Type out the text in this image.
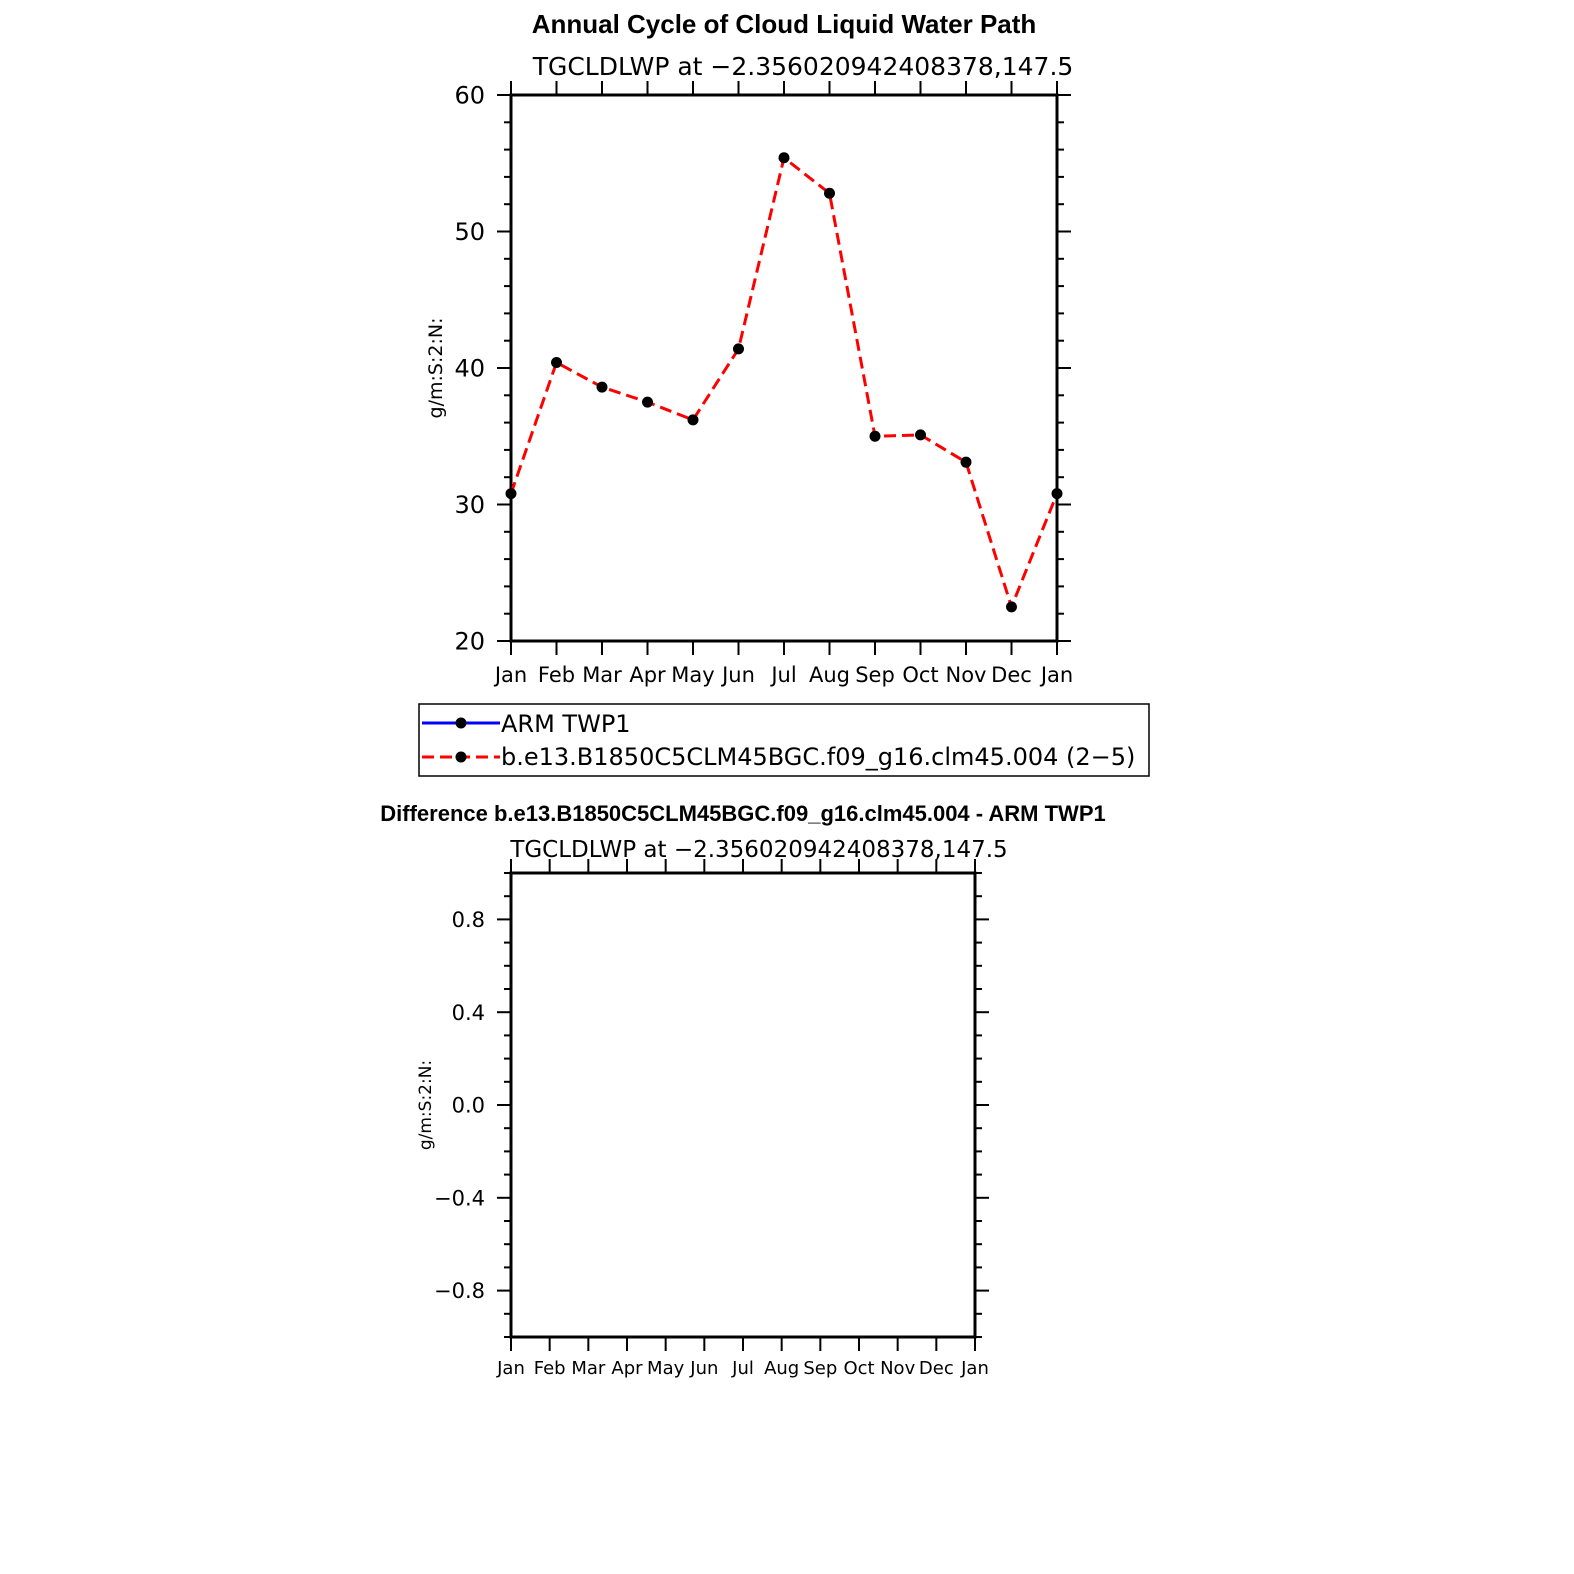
Annual Cycle of Cloud Liquid Water Path
TGCLDLWP at −2.356020942408378,147.5
g/m:S:2:N:
20
30
40
50
60
Jan Feb Mar Apr May Jun Jul Aug Sep Oct Nov Dec Jan
ARM TWP1
b.e13.B1850C5CLM45BGC.f09_g16.clm45.004 (2−5)
Difference b.e13.B1850C5CLM45BGC.f09_g16.clm45.004 - ARM TWP1
TGCLDLWP at −2.356020942408378,147.5
g/m:S:2:N:
−0.8
−0.4
0.0
0.4
0.8
Jan Feb Mar Apr May Jun Jul Aug Sep Oct Nov Dec Jan
